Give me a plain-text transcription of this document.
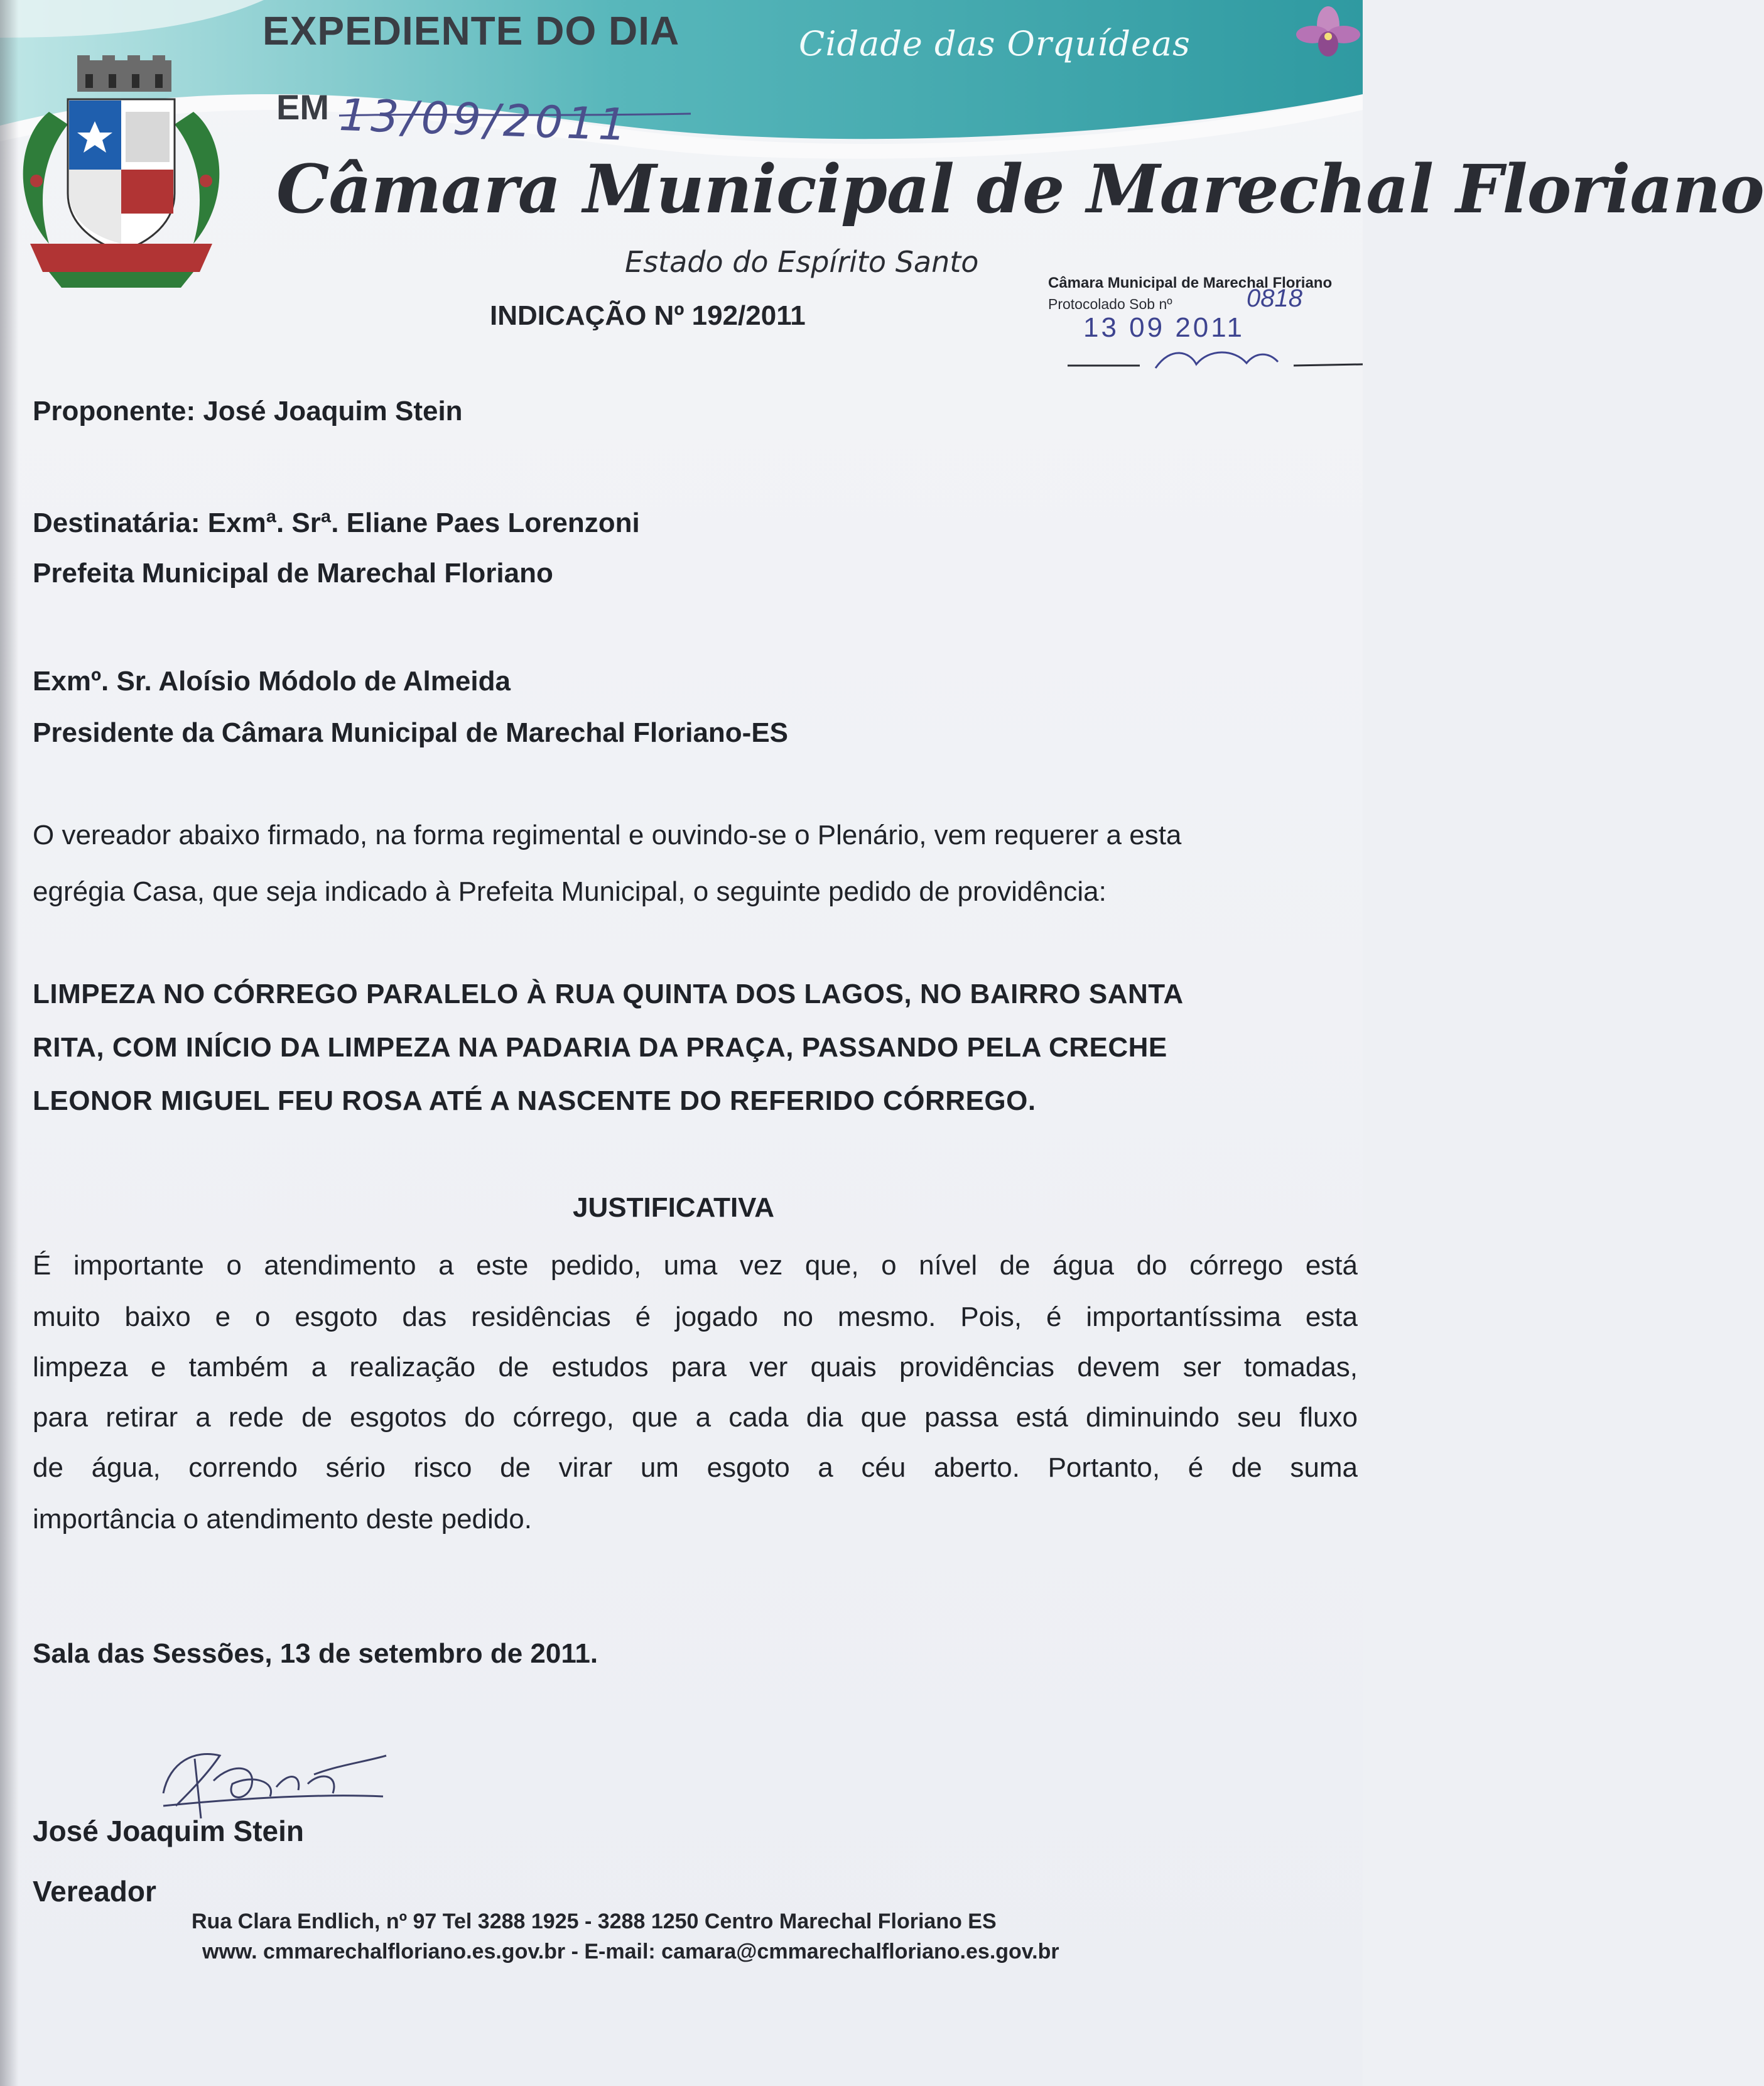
EXPEDIENTE DO DIA
EM 13/09/2011
Cidade das Orquídeas
Câmara Municipal de Marechal Floriano
Estado do Espírito Santo
INDICAÇÃO Nº 192/2011
Câmara Municipal de Marechal Floriano
Protocolado Sob nº	0818
13 09 2011
Proponente: José Joaquim Stein
Destinatária: Exmª. Srª. Eliane Paes Lorenzoni
Prefeita Municipal de Marechal Floriano
Exmº. Sr. Aloísio Módolo de Almeida
Presidente da Câmara Municipal de Marechal Floriano-ES
O vereador abaixo firmado, na forma regimental e ouvindo-se o Plenário, vem requerer a esta
egrégia Casa, que seja indicado à Prefeita Municipal, o seguinte pedido de providência:
LIMPEZA NO CÓRREGO PARALELO À RUA QUINTA DOS LAGOS, NO BAIRRO SANTA
RITA, COM INÍCIO DA LIMPEZA NA PADARIA DA PRAÇA, PASSANDO PELA CRECHE
LEONOR MIGUEL FEU ROSA ATÉ A NASCENTE DO REFERIDO CÓRREGO.
JUSTIFICATIVA
É importante o atendimento a este pedido, uma vez que, o nível de água do córrego está
muito baixo e o esgoto das residências é jogado no mesmo. Pois, é importantíssima esta
limpeza e também a realização de estudos para ver quais providências devem ser tomadas,
para retirar a rede de esgotos do córrego, que a cada dia que passa está diminuindo seu fluxo
de água, correndo sério risco de virar um esgoto a céu aberto. Portanto, é de suma
importância o atendimento deste pedido.
Sala das Sessões, 13 de setembro de 2011.
José Joaquim Stein
Vereador
Rua Clara Endlich, nº 97 Tel 3288 1925 - 3288 1250 Centro Marechal Floriano ES
www. cmmarechalfloriano.es.gov.br - E-mail: camara@cmmarechalfloriano.es.gov.br
